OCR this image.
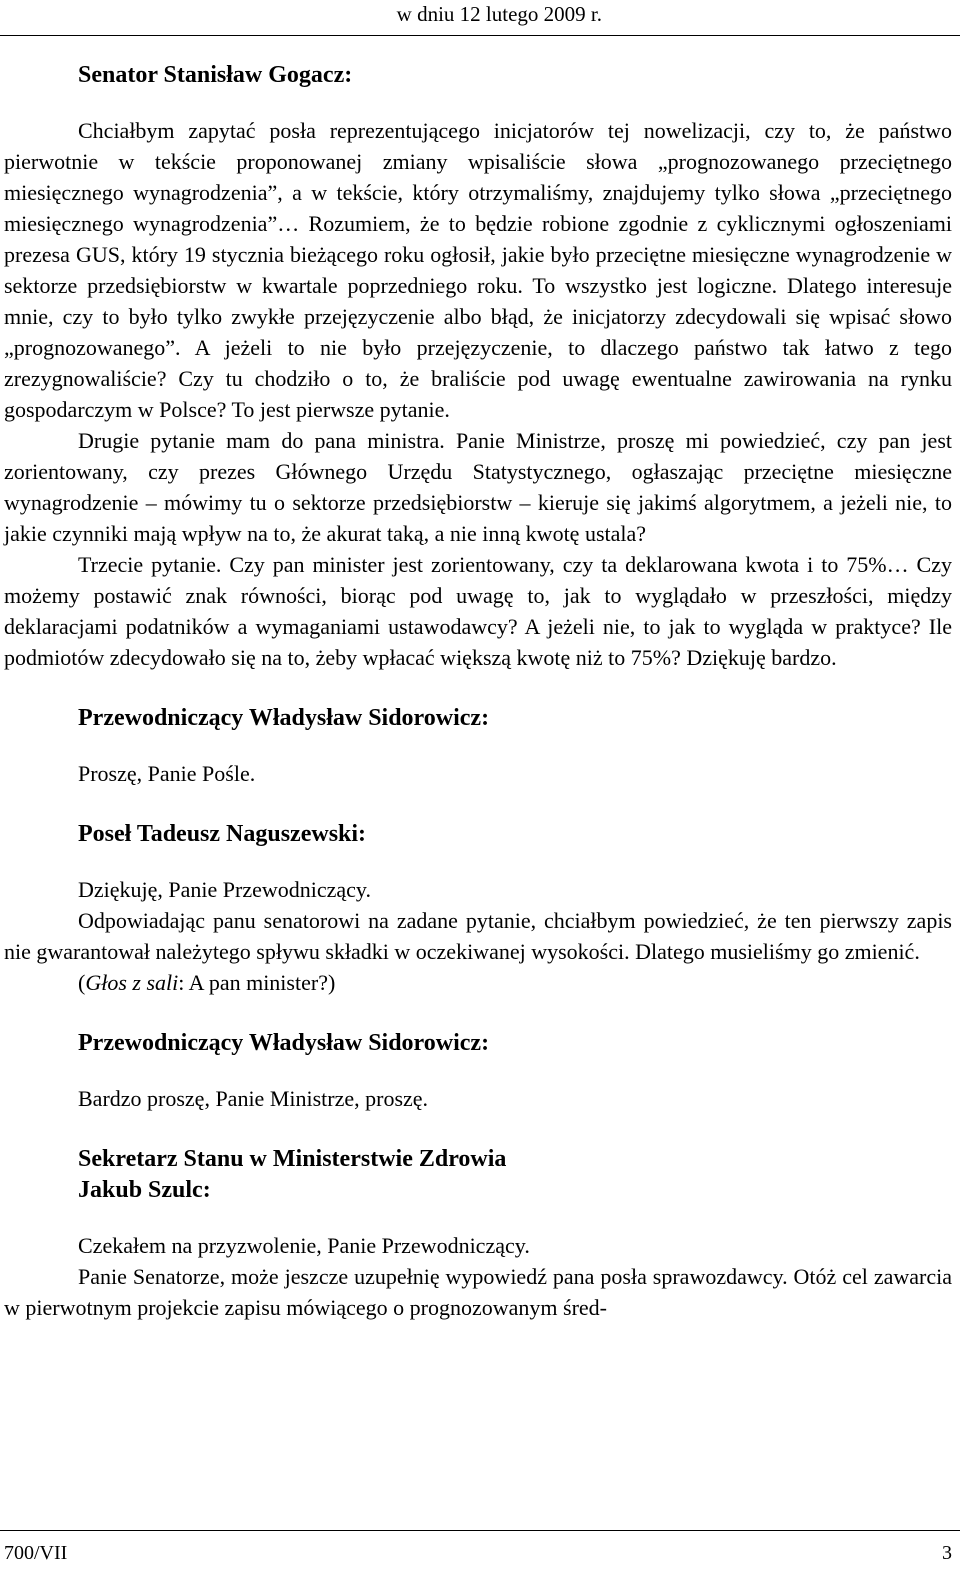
w dniu 12 lutego 2009 r.

Senator Stanisław Gogacz:

Chciałbym zapytać posła reprezentującego inicjatorów tej nowelizacji, czy to, że państwo pierwotnie w tekście proponowanej zmiany wpisaliście słowa „prognozowanego przeciętnego miesięcznego wynagrodzenia”, a w tekście, który otrzymaliśmy, znajdujemy tylko słowa „przeciętnego miesięcznego wynagrodzenia”… Rozumiem, że to będzie robione zgodnie z cyklicznymi ogłoszeniami prezesa GUS, który 19 stycznia bieżącego roku ogłosił, jakie było przeciętne miesięczne wynagrodzenie w sektorze przedsiębiorstw w kwartale poprzedniego roku. To wszystko jest logiczne. Dlatego interesuje mnie, czy to było tylko zwykłe przejęzyczenie albo błąd, że inicjatorzy zdecydowali się wpisać słowo „prognozowanego”. A jeżeli to nie było przejęzyczenie, to dlaczego państwo tak łatwo z tego zrezygnowaliście? Czy tu chodziło o to, że braliście pod uwagę ewentualne zawirowania na rynku gospodarczym w Polsce? To jest pierwsze pytanie.

Drugie pytanie mam do pana ministra. Panie Ministrze, proszę mi powiedzieć, czy pan jest zorientowany, czy prezes Głównego Urzędu Statystycznego, ogłaszając przeciętne miesięczne wynagrodzenie – mówimy tu o sektorze przedsiębiorstw – kieruje się jakimś algorytmem, a jeżeli nie, to jakie czynniki mają wpływ na to, że akurat taką, a nie inną kwotę ustala?

Trzecie pytanie. Czy pan minister jest zorientowany, czy ta deklarowana kwota i to 75%… Czy możemy postawić znak równości, biorąc pod uwagę to, jak to wyglądało w przeszłości, między deklaracjami podatników a wymaganiami ustawodawcy? A jeżeli nie, to jak to wygląda w praktyce? Ile podmiotów zdecydowało się na to, żeby wpłacać większą kwotę niż to 75%? Dziękuję bardzo.

Przewodniczący Władysław Sidorowicz:

Proszę, Panie Pośle.

Poseł Tadeusz Naguszewski:

Dziękuję, Panie Przewodniczący.

Odpowiadając panu senatorowi na zadane pytanie, chciałbym powiedzieć, że ten pierwszy zapis nie gwarantował należytego spływu składki w oczekiwanej wysokości. Dlatego musieliśmy go zmienić.

(Głos z sali: A pan minister?)

Przewodniczący Władysław Sidorowicz:

Bardzo proszę, Panie Ministrze, proszę.

Sekretarz Stanu w Ministerstwie Zdrowia

Jakub Szulc:

Czekałem na przyzwolenie, Panie Przewodniczący.

Panie Senatorze, może jeszcze uzupełnię wypowiedź pana posła sprawozdawcy. Otóż cel zawarcia w pierwotnym projekcie zapisu mówiącego o prognozowanym śred-

700/VII	3
